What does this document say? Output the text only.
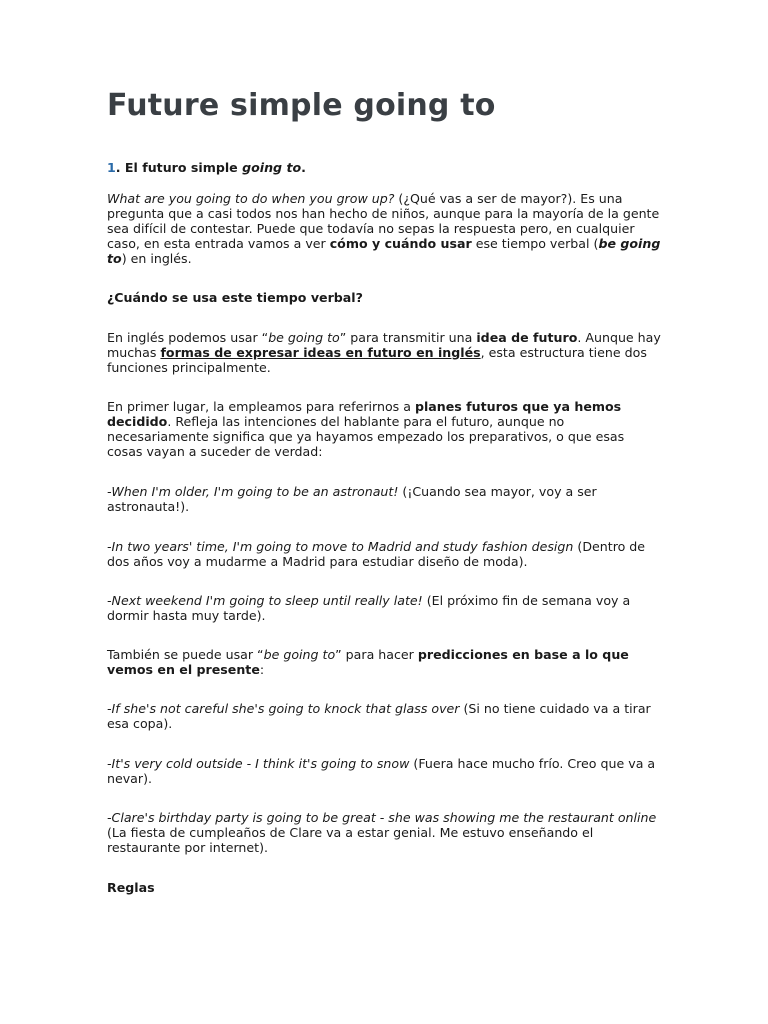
Future simple going to

1. El futuro simple going to.

What are you going to do when you grow up? (¿Qué vas a ser de mayor?). Es una pregunta que a casi todos nos han hecho de niños, aunque para la mayoría de la gente sea difícil de contestar. Puede que todavía no sepas la respuesta pero, en cualquier caso, en esta entrada vamos a ver cómo y cuándo usar ese tiempo verbal (be going to) en inglés.

¿Cuándo se usa este tiempo verbal?

En inglés podemos usar “be going to” para transmitir una idea de futuro. Aunque hay muchas formas de expresar ideas en futuro en inglés, esta estructura tiene dos funciones principalmente.

En primer lugar, la empleamos para referirnos a planes futuros que ya hemos decidido. Refleja las intenciones del hablante para el futuro, aunque no necesariamente significa que ya hayamos empezado los preparativos, o que esas cosas vayan a suceder de verdad:

-When I'm older, I'm going to be an astronaut! (¡Cuando sea mayor, voy a ser astronauta!).

-In two years' time, I'm going to move to Madrid and study fashion design (Dentro de dos años voy a mudarme a Madrid para estudiar diseño de moda).

-Next weekend I'm going to sleep until really late! (El próximo fin de semana voy a dormir hasta muy tarde).

También se puede usar “be going to” para hacer predicciones en base a lo que vemos en el presente:

-If she's not careful she's going to knock that glass over (Si no tiene cuidado va a tirar esa copa).

-It's very cold outside - I think it's going to snow (Fuera hace mucho frío. Creo que va a nevar).

-Clare's birthday party is going to be great - she was showing me the restaurant online (La fiesta de cumpleaños de Clare va a estar genial. Me estuvo enseñando el restaurante por internet).

Reglas
